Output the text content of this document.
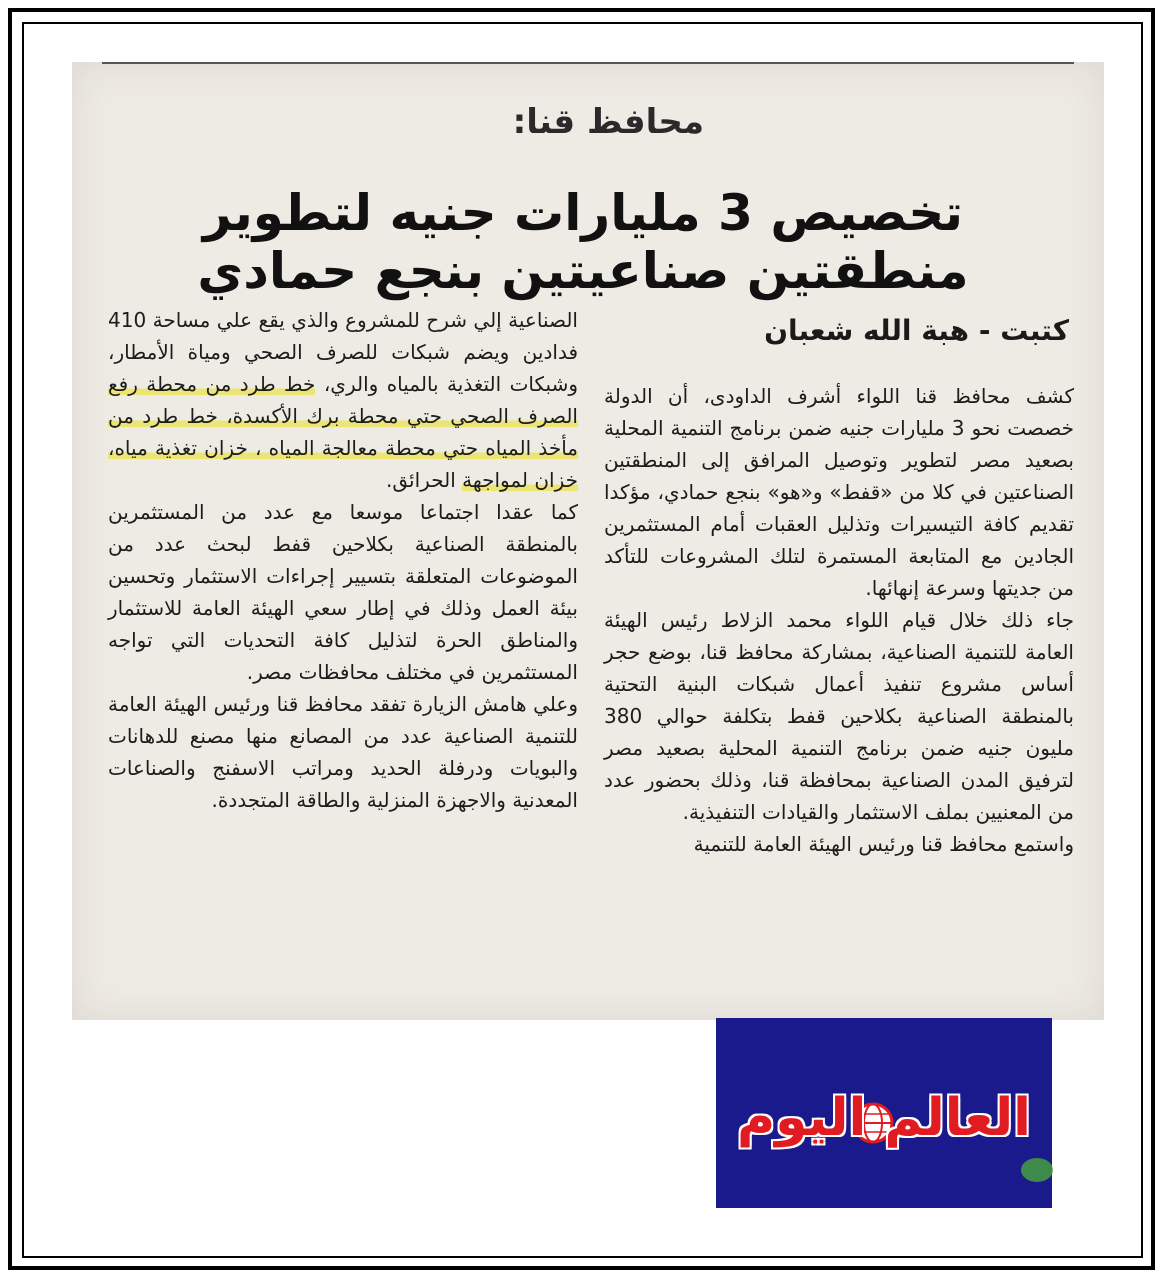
محافظ قنا:
تخصيص 3 مليارات جنيه لتطوير منطقتين صناعيتين بنجع حمادي
كتبت - هبة الله شعبان

كشف محافظ قنا اللواء أشرف الداودى، أن الدولة خصصت نحو 3 مليارات جنيه ضمن برنامج التنمية المحلية بصعيد مصر لتطوير وتوصيل المرافق إلى المنطقتين الصناعتين في كلا من «قفط» و«هو» بنجع حمادي، مؤكدا تقديم كافة التيسيرات وتذليل العقبات أمام المستثمرين الجادين مع المتابعة المستمرة لتلك المشروعات للتأكد من جديتها وسرعة إنهائها.

جاء ذلك خلال قيام اللواء محمد الزلاط رئيس الهيئة العامة للتنمية الصناعية، بمشاركة محافظ قنا، بوضع حجر أساس مشروع تنفيذ أعمال شبكات البنية التحتية بالمنطقة الصناعية بكلاحين قفط بتكلفة حوالي 380 مليون جنيه ضمن برنامج التنمية المحلية بصعيد مصر لترفيق المدن الصناعية بمحافظة قنا، وذلك بحضور عدد من المعنيين بملف الاستثمار والقيادات التنفيذية.

واستمع محافظ قنا ورئيس الهيئة العامة للتنمية

الصناعية إلي شرح للمشروع والذي يقع علي مساحة 410 فدادين ويضم شبكات للصرف الصحي ومياة الأمطار، وشبكات التغذية بالمياه والري، خط طرد من محطة رفع الصرف الصحي حتي محطة برك الأكسدة، خط طرد من مأخذ المياه حتي محطة معالجة المياه ، خزان تغذية مياه، خزان لمواجهة الحرائق.

كما عقدا اجتماعا موسعا مع عدد من المستثمرين بالمنطقة الصناعية بكلاحين قفط لبحث عدد من الموضوعات المتعلقة بتسيير إجراءات الاستثمار وتحسين بيئة العمل وذلك في إطار سعي الهيئة العامة للاستثمار والمناطق الحرة لتذليل كافة التحديات التي تواجه المستثمرين في مختلف محافظات مصر.

وعلي هامش الزيارة تفقد محافظ قنا ورئيس الهيئة العامة للتنمية الصناعية عدد من المصانع منها مصنع للدهانات والبويات ودرفلة الحديد ومراتب الاسفنج والصناعات المعدنية والاجهزة المنزلية والطاقة المتجددة.

العالم اليوم
